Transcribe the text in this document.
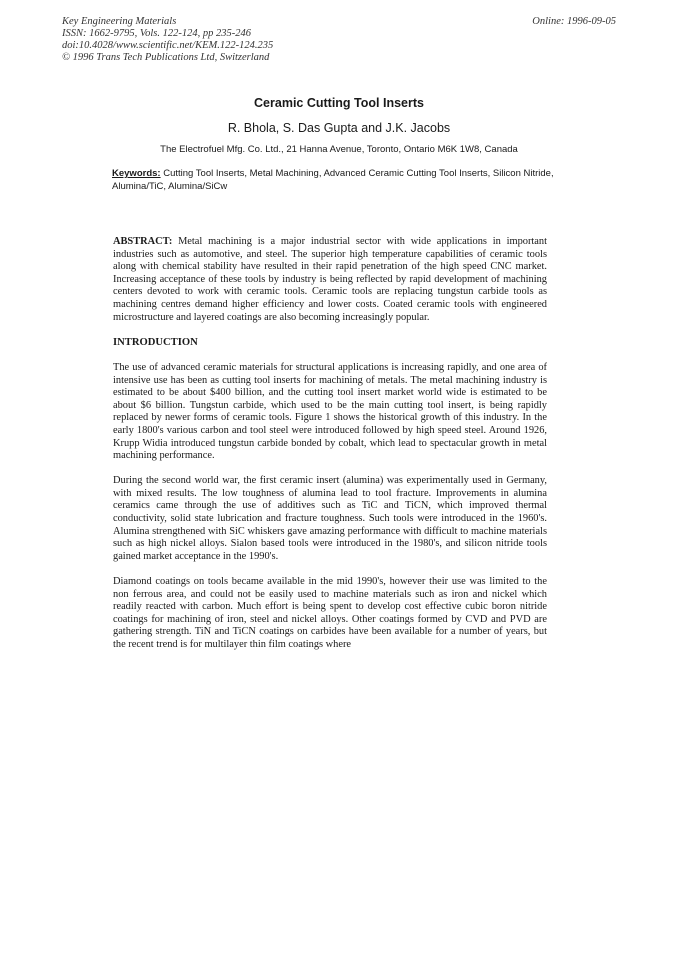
Key Engineering Materials
ISSN: 1662-9795, Vols. 122-124, pp 235-246
doi:10.4028/www.scientific.net/KEM.122-124.235
© 1996 Trans Tech Publications Ltd, Switzerland
Online: 1996-09-05
Ceramic Cutting Tool Inserts
R. Bhola, S. Das Gupta and J.K. Jacobs
The Electrofuel Mfg. Co. Ltd., 21 Hanna Avenue, Toronto, Ontario M6K 1W8, Canada
Keywords: Cutting Tool Inserts, Metal Machining, Advanced Ceramic Cutting Tool Inserts, Silicon Nitride, Alumina/TiC, Alumina/SiCw

ABSTRACT: Metal machining is a major industrial sector with wide applications in important industries such as automotive, and steel. The superior high temperature capabilities of ceramic tools along with chemical stability have resulted in their rapid penetration of the high speed CNC market. Increasing acceptance of these tools by industry is being reflected by rapid development of machining centers devoted to work with ceramic tools. Ceramic tools are replacing tungstun carbide tools as machining centres demand higher efficiency and lower costs. Coated ceramic tools with engineered microstructure and layered coatings are also becoming increasingly popular.

INTRODUCTION

The use of advanced ceramic materials for structural applications is increasing rapidly, and one area of intensive use has been as cutting tool inserts for machining of metals. The metal machining industry is estimated to be about $400 billion, and the cutting tool insert market world wide is estimated to be about $6 billion. Tungstun carbide, which used to be the main cutting tool insert, is being rapidly replaced by newer forms of ceramic tools. Figure 1 shows the historical growth of this industry. In the early 1800's various carbon and tool steel were introduced followed by high speed steel. Around 1926, Krupp Widia introduced tungstun carbide bonded by cobalt, which lead to spectacular growth in metal machining performance.

During the second world war, the first ceramic insert (alumina) was experimentally used in Germany, with mixed results. The low toughness of alumina lead to tool fracture. Improvements in alumina ceramics came through the use of additives such as TiC and TiCN, which improved thermal conductivity, solid state lubrication and fracture toughness. Such tools were introduced in the 1960's. Alumina strengthened with SiC whiskers gave amazing performance with difficult to machine materials such as high nickel alloys. Sialon based tools were introduced in the 1980's, and silicon nitride tools gained market acceptance in the 1990's.

Diamond coatings on tools became available in the mid 1990's, however their use was limited to the non ferrous area, and could not be easily used to machine materials such as iron and nickel which readily reacted with carbon. Much effort is being spent to develop cost effective cubic boron nitride coatings for machining of iron, steel and nickel alloys. Other coatings formed by CVD and PVD are gathering strength. TiN and TiCN coatings on carbides have been available for a number of years, but the recent trend is for multilayer thin film coatings where
